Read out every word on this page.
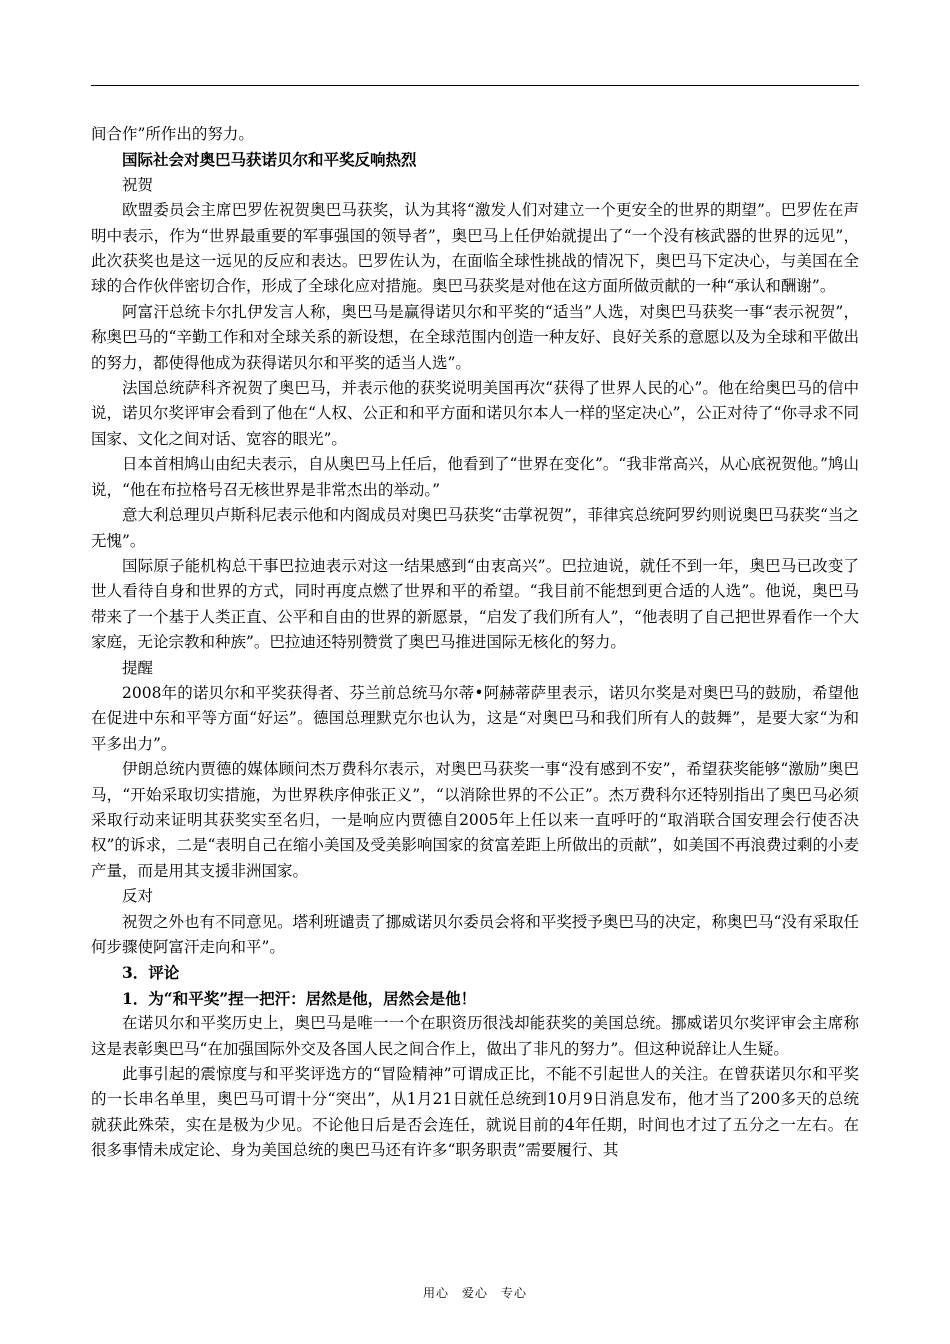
间合作”所作出的努力。

国际社会对奥巴马获诺贝尔和平奖反响热烈

祝贺

欧盟委员会主席巴罗佐祝贺奥巴马获奖，认为其将“激发人们对建立一个更安全的世界的期望”。巴罗佐在声明中表示，作为“世界最重要的军事强国的领导者”，奥巴马上任伊始就提出了“一个没有核武器的世界的远见”，此次获奖也是这一远见的反应和表达。巴罗佐认为，在面临全球性挑战的情况下，奥巴马下定决心，与美国在全球的合作伙伴密切合作，形成了全球化应对措施。奥巴马获奖是对他在这方面所做贡献的一种“承认和酬谢”。

阿富汗总统卡尔扎伊发言人称，奥巴马是赢得诺贝尔和平奖的“适当”人选，对奥巴马获奖一事“表示祝贺”，称奥巴马的“辛勤工作和对全球关系的新设想，在全球范围内创造一种友好、良好关系的意愿以及为全球和平做出的努力，都使得他成为获得诺贝尔和平奖的适当人选”。

法国总统萨科齐祝贺了奥巴马，并表示他的获奖说明美国再次“获得了世界人民的心”。他在给奥巴马的信中说，诺贝尔奖评审会看到了他在“人权、公正和和平方面和诺贝尔本人一样的坚定决心”，公正对待了“你寻求不同国家、文化之间对话、宽容的眼光”。

日本首相鸠山由纪夫表示，自从奥巴马上任后，他看到了“世界在变化”。“我非常高兴，从心底祝贺他。”鸠山说，“他在布拉格号召无核世界是非常杰出的举动。”

意大利总理贝卢斯科尼表示他和内阁成员对奥巴马获奖“击掌祝贺”，菲律宾总统阿罗约则说奥巴马获奖“当之无愧”。

国际原子能机构总干事巴拉迪表示对这一结果感到“由衷高兴”。巴拉迪说，就任不到一年，奥巴马已改变了世人看待自身和世界的方式，同时再度点燃了世界和平的希望。“我目前不能想到更合适的人选”。他说，奥巴马带来了一个基于人类正直、公平和自由的世界的新愿景，“启发了我们所有人”，“他表明了自己把世界看作一个大家庭，无论宗教和种族”。巴拉迪还特别赞赏了奥巴马推进国际无核化的努力。

提醒

2008年的诺贝尔和平奖获得者、芬兰前总统马尔蒂•阿赫蒂萨里表示，诺贝尔奖是对奥巴马的鼓励，希望他在促进中东和平等方面“好运”。德国总理默克尔也认为，这是“对奥巴马和我们所有人的鼓舞”，是要大家“为和平多出力”。

伊朗总统内贾德的媒体顾问杰万费科尔表示，对奥巴马获奖一事“没有感到不安”，希望获奖能够“激励”奥巴马，“开始采取切实措施，为世界秩序伸张正义”，“以消除世界的不公正”。杰万费科尔还特别指出了奥巴马必须采取行动来证明其获奖实至名归，一是响应内贾德自2005年上任以来一直呼吁的“取消联合国安理会行使否决权”的诉求，二是“表明自己在缩小美国及受美影响国家的贫富差距上所做出的贡献”，如美国不再浪费过剩的小麦产量，而是用其支援非洲国家。

反对

祝贺之外也有不同意见。塔利班谴责了挪威诺贝尔委员会将和平奖授予奥巴马的决定，称奥巴马“没有采取任何步骤使阿富汗走向和平”。

3．评论

1．为“和平奖”捏一把汗：居然是他，居然会是他！

在诺贝尔和平奖历史上，奥巴马是唯一一个在职资历很浅却能获奖的美国总统。挪威诺贝尔奖评审会主席称这是表彰奥巴马“在加强国际外交及各国人民之间合作上，做出了非凡的努力”。但这种说辞让人生疑。

此事引起的震惊度与和平奖评选方的“冒险精神”可谓成正比，不能不引起世人的关注。在曾获诺贝尔和平奖的一长串名单里，奥巴马可谓十分“突出”，从1月21日就任总统到10月9日消息发布，他才当了200多天的总统就获此殊荣，实在是极为少见。不论他日后是否会连任，就说目前的4年任期，时间也才过了五分之一左右。在很多事情未成定论、身为美国总统的奥巴马还有许多“职务职责”需要履行、其

用心　爱心　专心
